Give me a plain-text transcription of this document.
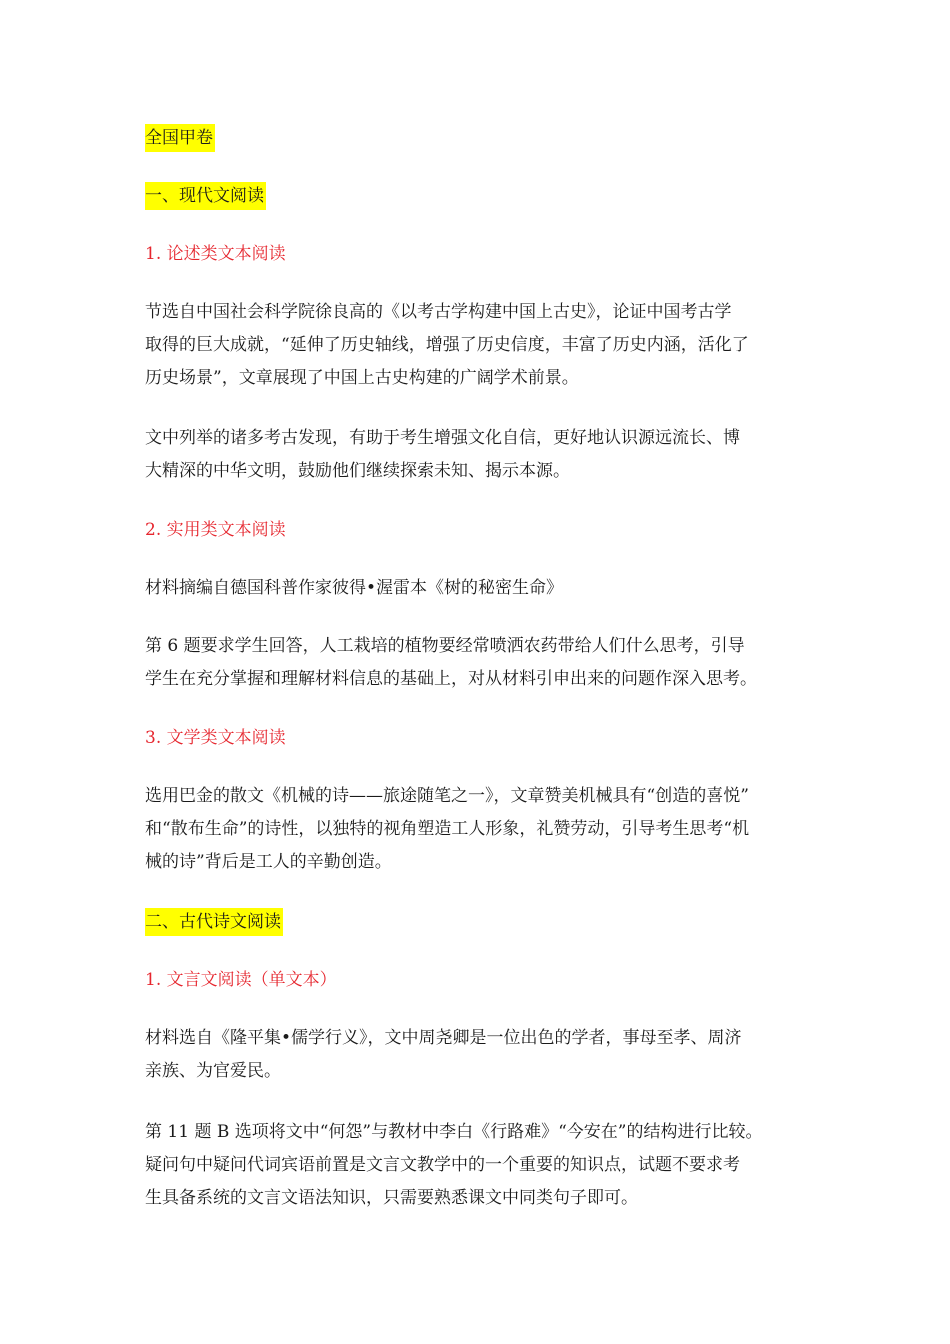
全国甲卷
一、现代文阅读
1. 论述类文本阅读

节选自中国社会科学院徐良高的《以考古学构建中国上古史》，论证中国考古学
取得的巨大成就，“延伸了历史轴线，增强了历史信度，丰富了历史内涵，活化了
历史场景”，文章展现了中国上古史构建的广阔学术前景。

文中列举的诸多考古发现，有助于考生增强文化自信，更好地认识源远流长、博
大精深的中华文明，鼓励他们继续探索未知、揭示本源。

2. 实用类文本阅读

材料摘编自德国科普作家彼得•渥雷本《树的秘密生命》

第 6 题要求学生回答，人工栽培的植物要经常喷洒农药带给人们什么思考，引导
学生在充分掌握和理解材料信息的基础上，对从材料引申出来的问题作深入思考。

3. 文学类文本阅读

选用巴金的散文《机械的诗——旅途随笔之一》，文章赞美机械具有“创造的喜悦”
和“散布生命”的诗性，以独特的视角塑造工人形象，礼赞劳动，引导考生思考“机
械的诗”背后是工人的辛勤创造。

二、古代诗文阅读
1. 文言文阅读（单文本）

材料选自《隆平集•儒学行义》，文中周尧卿是一位出色的学者，事母至孝、周济
亲族、为官爱民。

第 11 题 B 选项将文中“何怨”与教材中李白《行路难》“今安在”的结构进行比较。
疑问句中疑问代词宾语前置是文言文教学中的一个重要的知识点，试题不要求考
生具备系统的文言文语法知识，只需要熟悉课文中同类句子即可。
